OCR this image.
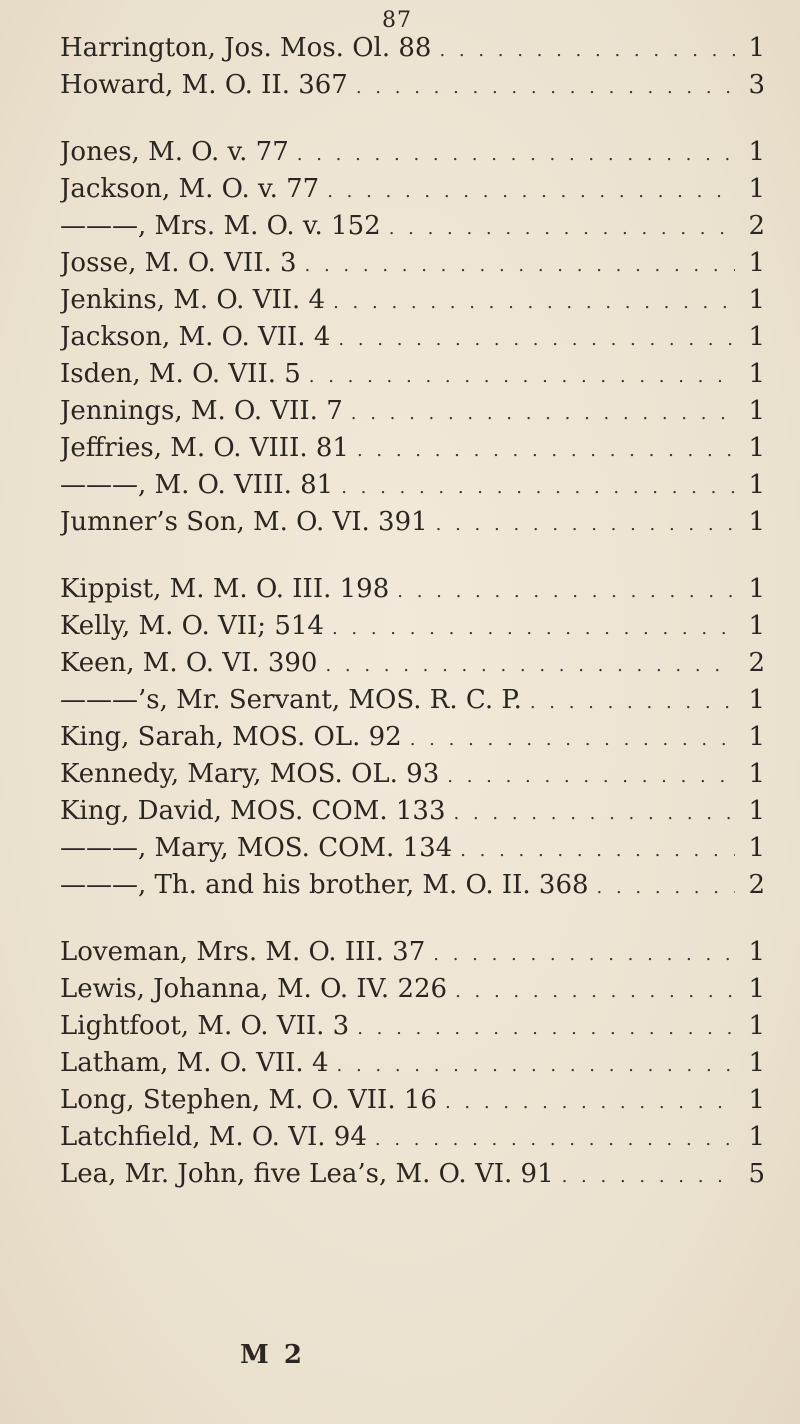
87
Harrington, Jos. Mos. Ol. 88 . . .	1
Howard, M. O. II. 367 . . .	3
Jones, M. O. v. 77 . . .	1
Jackson, M. O. v. 77 . . .	1
———, Mrs. M. O. v. 152 . . .	2
Josse, M. O. VII. 3 . . .	1
Jenkins, M. O. VII. 4 . . .	1
Jackson, M. O. VII. 4 . . .	1
Isden, M. O. VII. 5 . . .	1
Jennings, M. O. VII. 7 . . .	1
Jeffries, M. O. VIII. 81 . . .	1
———, M. O. VIII. 81 . . .	1
Jumner’s Son, M. O. VI. 391 . . .	1
Kippist, M. M. O. III. 198 . . .	1
Kelly, M. O. VII; 514 . . .	1
Keen, M. O. VI. 390 . . .	2
———’s, Mr. Servant, MOS. R. C. P. . . .	1
King, Sarah, MOS. OL. 92 . . .	1
Kennedy, Mary, MOS. OL. 93 . . .	1
King, David, MOS. COM. 133 . . .	1
———, Mary, MOS. COM. 134 . . .	1
———, Th. and his brother, M. O. II. 368 . . .	2
Loveman, Mrs. M. O. III. 37 . . .	1
Lewis, Johanna, M. O. IV. 226 . . .	1
Lightfoot, M. O. VII. 3 . . .	1
Latham, M. O. VII. 4 . . .	1
Long, Stephen, M. O. VII. 16 . . .	1
Latchfield, M. O. VI. 94 . . .	1
Lea, Mr. John, five Lea’s, M. O. VI. 91 . . .	5
M 2
